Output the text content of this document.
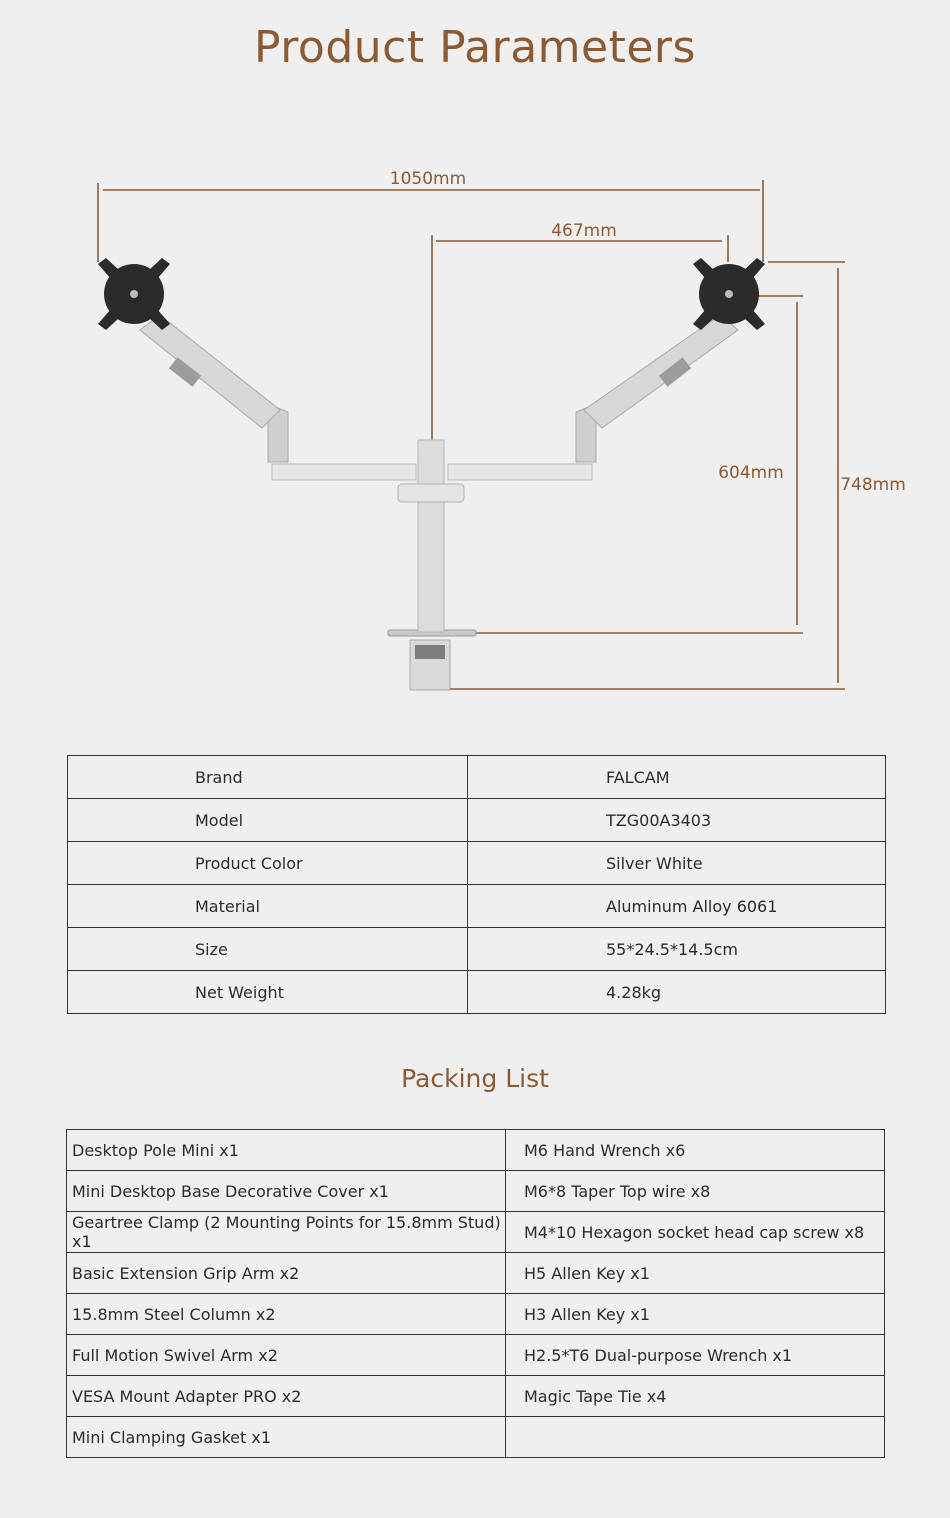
Product Parameters
1050mm
467mm
604mm
748mm
Brand	FALCAM
Model	TZG00A3403
Product Color	Silver White
Material	Aluminum Alloy 6061
Size	55*24.5*14.5cm
Net Weight	4.28kg
Packing List
Desktop Pole Mini x1	M6 Hand Wrench x6
Mini Desktop Base Decorative Cover x1	M6*8 Taper Top wire x8
Geartree Clamp (2 Mounting Points for 15.8mm Stud) x1	M4*10 Hexagon socket head cap screw x8
Basic Extension Grip Arm x2	H5 Allen Key x1
15.8mm Steel Column x2	H3 Allen Key x1
Full Motion Swivel Arm x2	H2.5*T6 Dual-purpose Wrench x1
VESA Mount Adapter PRO x2	Magic Tape Tie x4
Mini Clamping Gasket x1	
